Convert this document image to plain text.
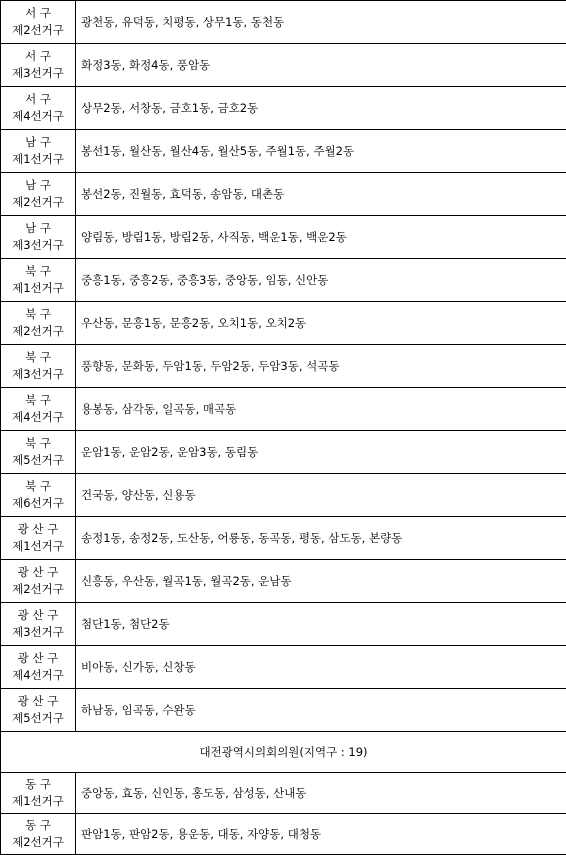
서 구
제2선거구	광천동, 유덕동, 치평동, 상무1동, 동천동

서 구
제3선거구	화정3동, 화정4동, 풍암동

서 구
제4선거구	상무2동, 서창동, 금호1동, 금호2동

남 구
제1선거구	봉선1동, 월산동, 월산4동, 월산5동, 주월1동, 주월2동

남 구
제2선거구	봉선2동, 진월동, 효덕동, 송암동, 대촌동

남 구
제3선거구	양림동, 방림1동, 방림2동, 사직동, 백운1동, 백운2동

북 구
제1선거구	중흥1동, 중흥2동, 중흥3동, 중앙동, 임동, 신안동

북 구
제2선거구	우산동, 문흥1동, 문흥2동, 오치1동, 오치2동

북 구
제3선거구	풍향동, 문화동, 두암1동, 두암2동, 두암3동, 석곡동

북 구
제4선거구	용봉동, 삼각동, 일곡동, 매곡동

북 구
제5선거구	운암1동, 운암2동, 운암3동, 동림동

북 구
제6선거구	건국동, 양산동, 신용동

광 산 구
제1선거구	송정1동, 송정2동, 도산동, 어룡동, 동곡동, 평동, 삼도동, 본량동

광 산 구
제2선거구	신흥동, 우산동, 월곡1동, 월곡2동, 운남동

광 산 구
제3선거구	첨단1동, 첨단2동

광 산 구
제4선거구	비아동, 신가동, 신창동

광 산 구
제5선거구	하남동, 임곡동, 수완동
대전광역시의회의원(지역구 : 19)	

동 구
제1선거구	중앙동, 효동, 신인동, 홍도동, 삼성동, 산내동

동 구
제2선거구	판암1동, 판암2동, 용운동, 대동, 자양동, 대청동
